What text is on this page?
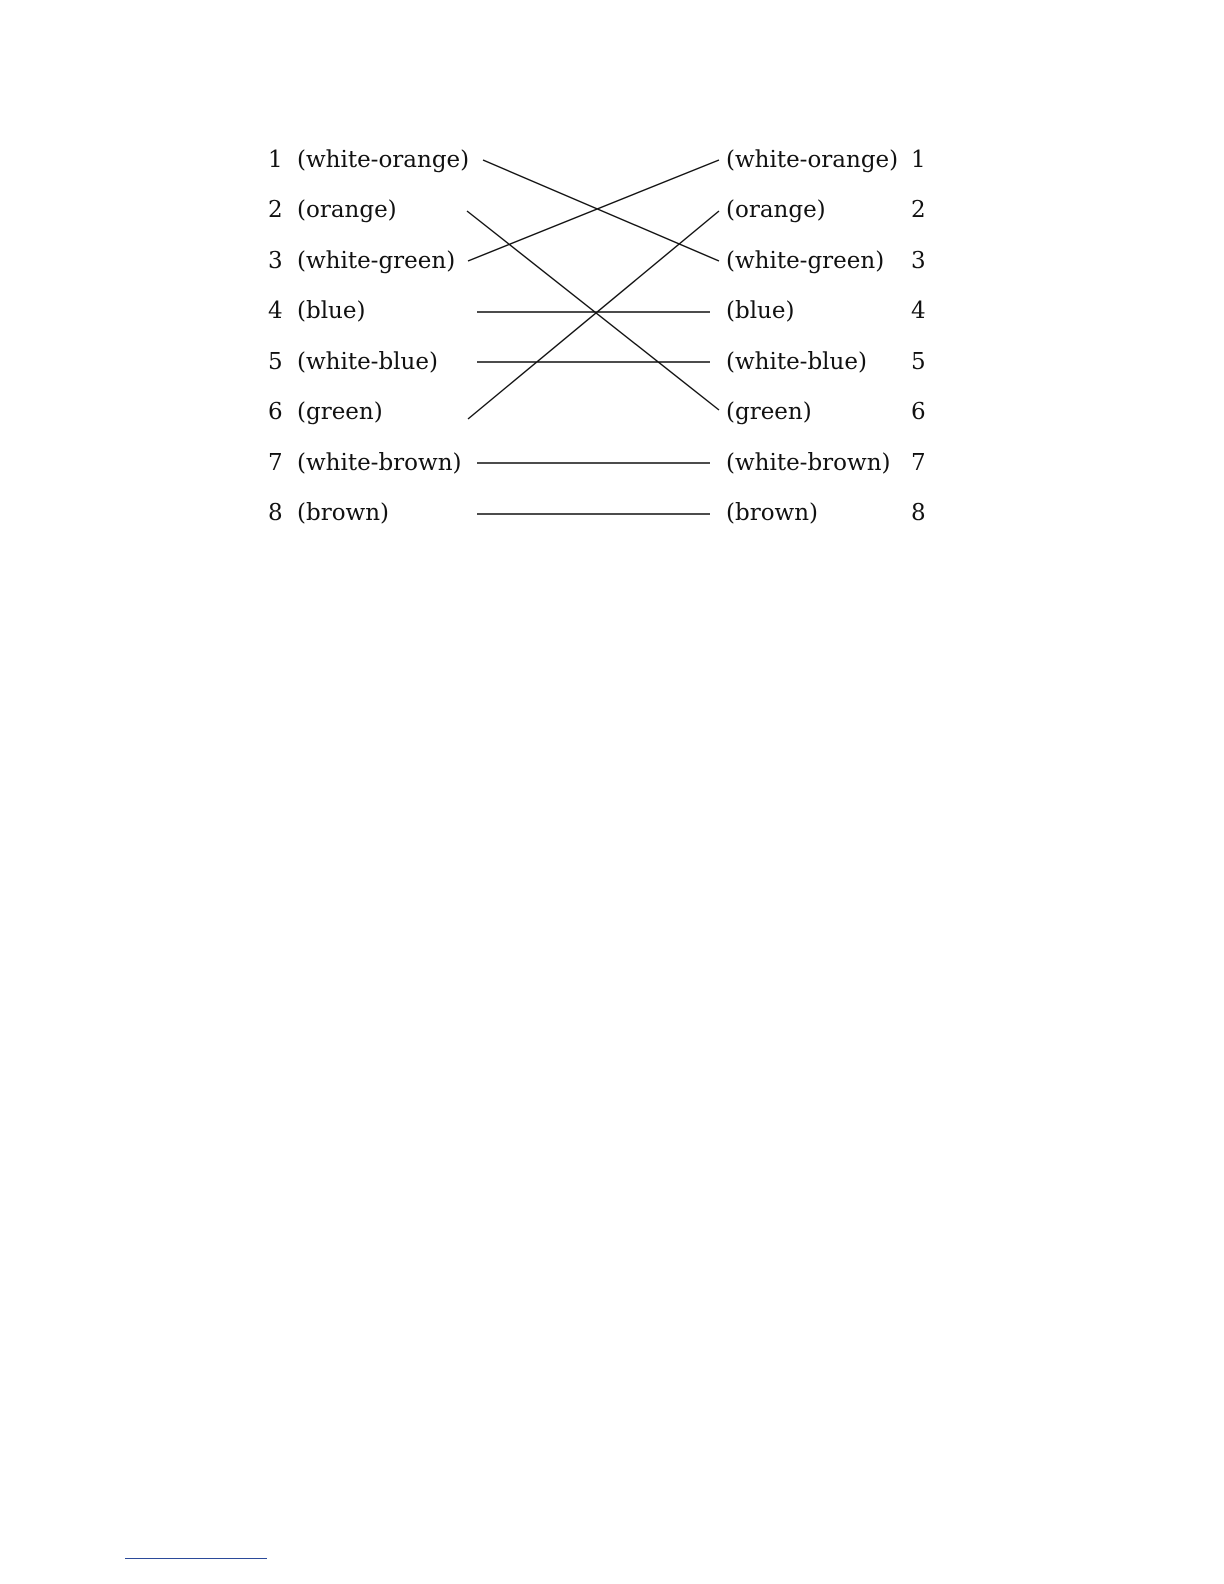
1 (white-orange)
2 (orange)
3 (white-green)
4 (blue)
5 (white-blue)
6 (green)
7 (white-brown)
8 (brown)
(white-orange) 1
(orange)	2
(white-green) 3
(blue)	4
(white-blue) 5
(green)	6
(white-brown) 7
(brown)	8
